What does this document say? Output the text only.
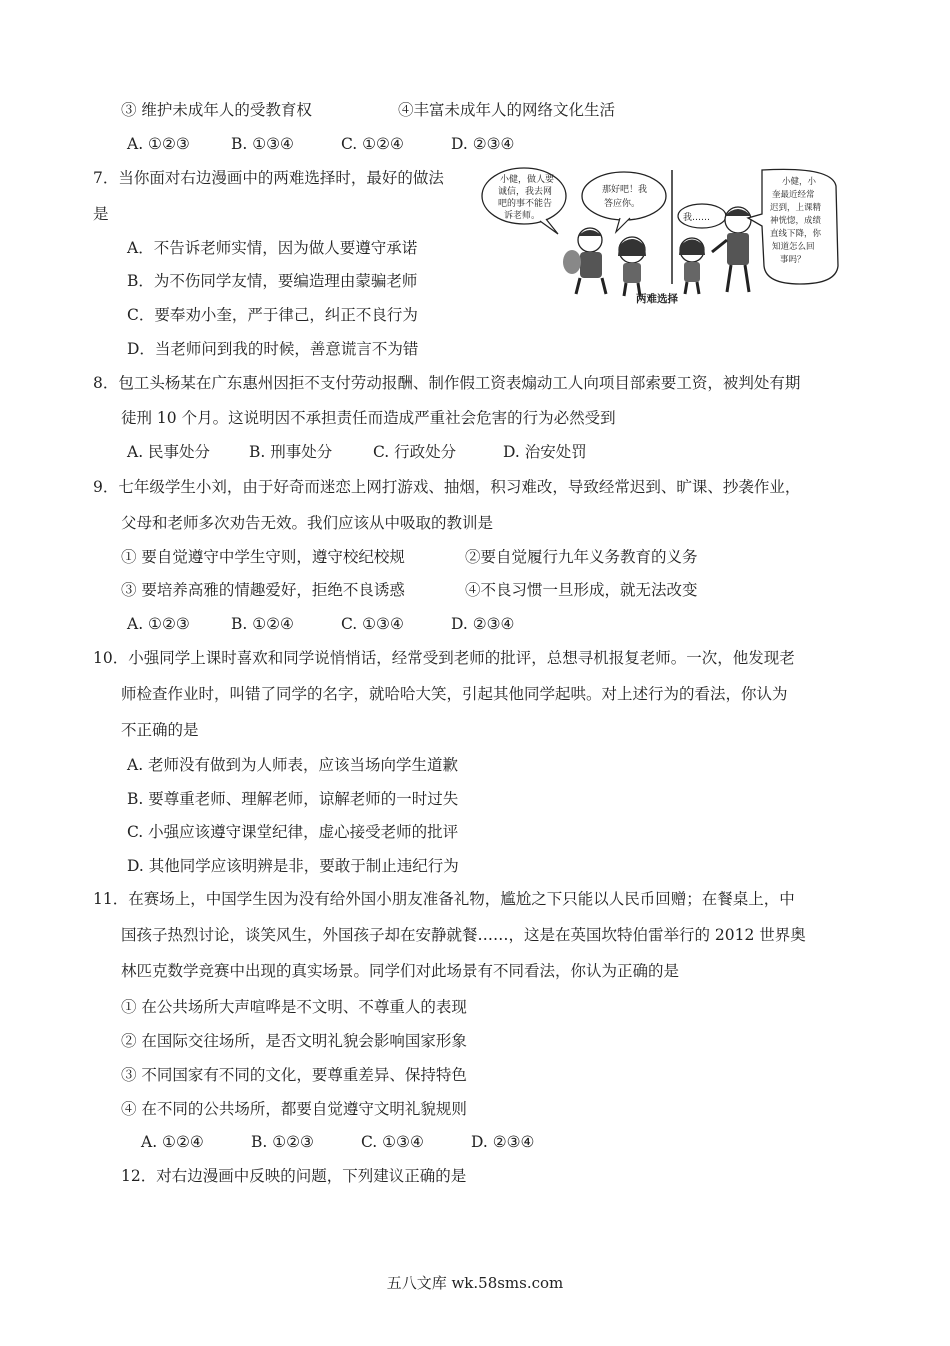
③ 维护未成年人的受教育权	④丰富未成年人的网络文化生活
A. ①②③	B. ①③④	C. ①②④	D. ②③④
7．当你面对右边漫画中的两难选择时，最好的做法
是
A．不告诉老师实情，因为做人要遵守承诺
B．为不伤同学友情，要编造理由蒙骗老师
C．要奉劝小奎，严于律己，纠正不良行为
D．当老师问到我的时候，善意谎言不为错
小健，做人要 诚信，我去网 吧的事不能告 诉老师。
那好吧！我 答应你。
我……
小健，小 奎最近经常 迟到，上课精 神恍惚，成绩 直线下降，你 知道怎么回 事吗？
两难选择
8．包工头杨某在广东惠州因拒不支付劳动报酬、制作假工资表煽动工人向项目部索要工资，被判处有期
徒刑 10 个月。这说明因不承担责任而造成严重社会危害的行为必然受到
A. 民事处分	B. 刑事处分	C. 行政处分	D. 治安处罚
9．七年级学生小刘，由于好奇而迷恋上网打游戏、抽烟，积习难改，导致经常迟到、旷课、抄袭作业，
父母和老师多次劝告无效。我们应该从中吸取的教训是
① 要自觉遵守中学生守则，遵守校纪校规	②要自觉履行九年义务教育的义务
③ 要培养高雅的情趣爱好，拒绝不良诱惑	④不良习惯一旦形成，就无法改变
A. ①②③	B. ①②④	C. ①③④	D. ②③④
10．小强同学上课时喜欢和同学说悄悄话，经常受到老师的批评，总想寻机报复老师。一次，他发现老
师检查作业时，叫错了同学的名字，就哈哈大笑，引起其他同学起哄。对上述行为的看法，你认为
不正确的是
A. 老师没有做到为人师表，应该当场向学生道歉
B. 要尊重老师、理解老师，谅解老师的一时过失
C. 小强应该遵守课堂纪律，虚心接受老师的批评
D. 其他同学应该明辨是非，要敢于制止违纪行为
11．在赛场上，中国学生因为没有给外国小朋友准备礼物，尴尬之下只能以人民币回赠；在餐桌上，中
国孩子热烈讨论，谈笑风生，外国孩子却在安静就餐……，这是在英国坎特伯雷举行的 2012 世界奥
林匹克数学竞赛中出现的真实场景。同学们对此场景有不同看法，你认为正确的是
① 在公共场所大声喧哗是不文明、不尊重人的表现
② 在国际交往场所，是否文明礼貌会影响国家形象
③ 不同国家有不同的文化，要尊重差异、保持特色
④ 在不同的公共场所，都要自觉遵守文明礼貌规则
A. ①②④	B. ①②③	C. ①③④	D. ②③④
12．对右边漫画中反映的问题，下列建议正确的是
五八文库 wk.58sms.com
